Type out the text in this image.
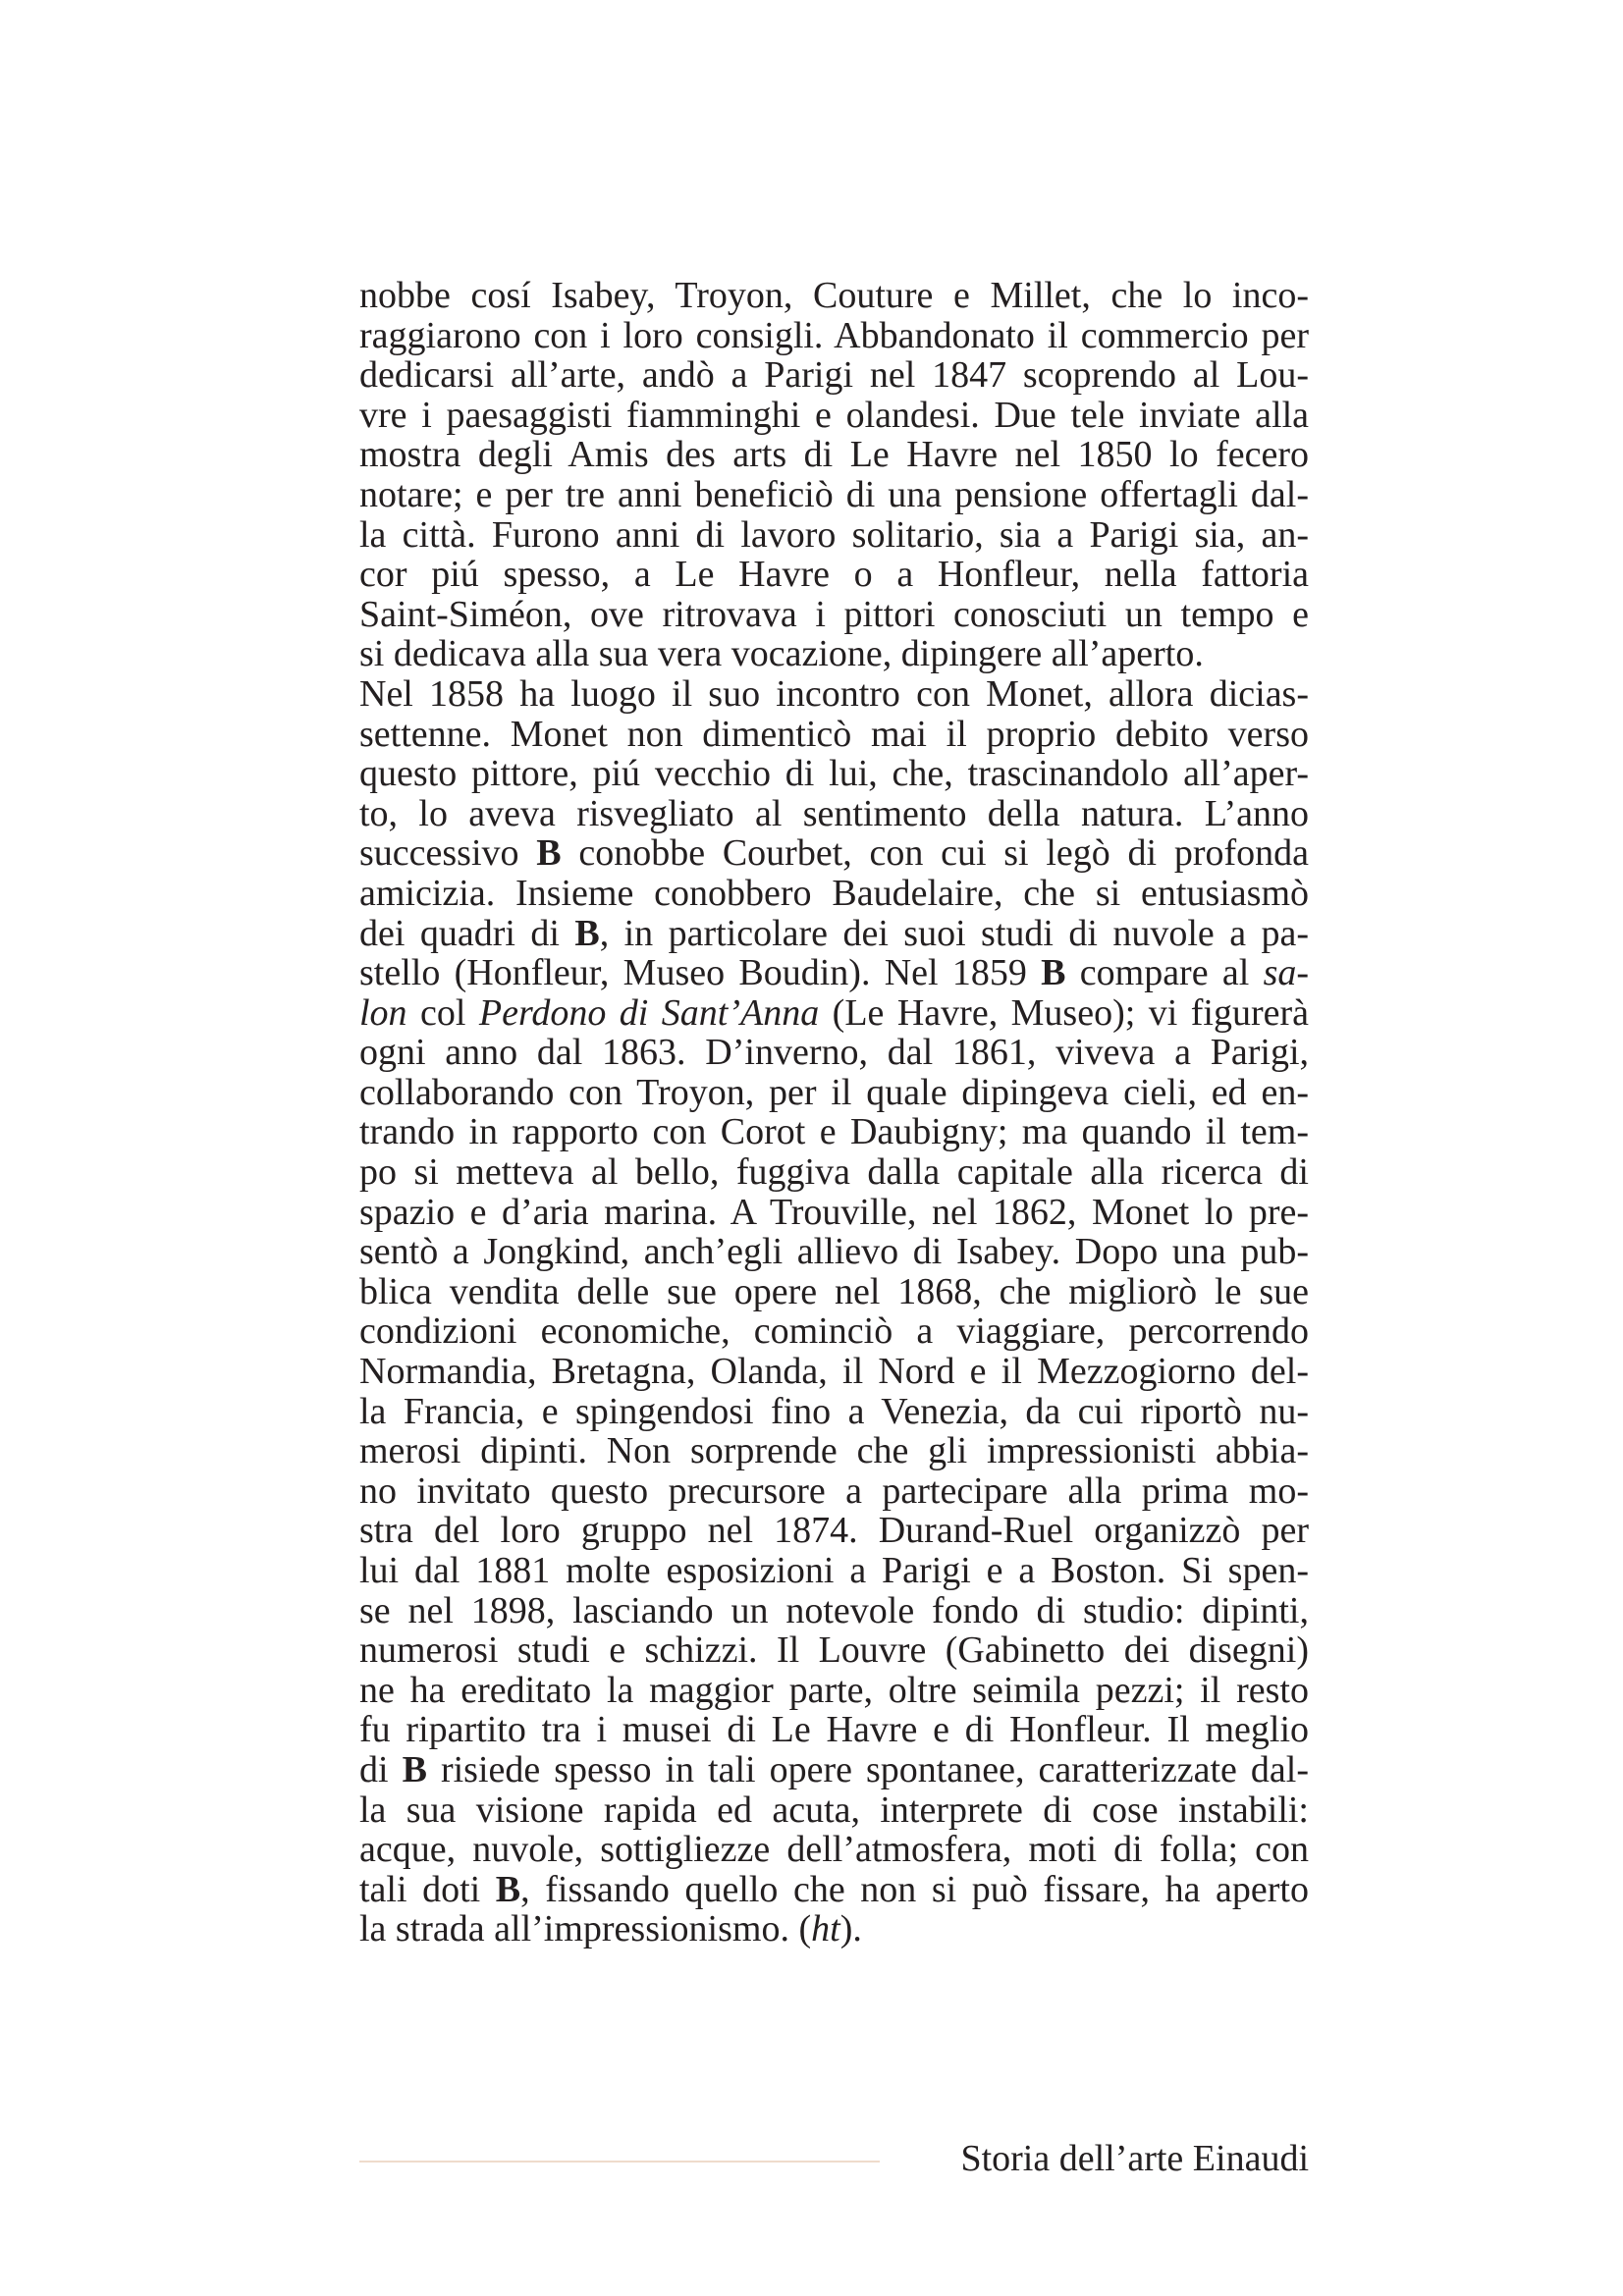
nobbe cosí Isabey, Troyon, Couture e Millet, che lo inco-
raggiarono con i loro consigli. Abbandonato il commercio per
dedicarsi all’arte, andò a Parigi nel 1847 scoprendo al Lou-
vre i paesaggisti fiamminghi e olandesi. Due tele inviate alla
mostra degli Amis des arts di Le Havre nel 1850 lo fecero
notare; e per tre anni beneficiò di una pensione offertagli dal-
la città. Furono anni di lavoro solitario, sia a Parigi sia, an-
cor piú spesso, a Le Havre o a Honfleur, nella fattoria
Saint-Siméon, ove ritrovava i pittori conosciuti un tempo e
si dedicava alla sua vera vocazione, dipingere all’aperto.
Nel 1858 ha luogo il suo incontro con Monet, allora dicias-
settenne. Monet non dimenticò mai il proprio debito verso
questo pittore, piú vecchio di lui, che, trascinandolo all’aper-
to, lo aveva risvegliato al sentimento della natura. L’anno
successivo B conobbe Courbet, con cui si legò di profonda
amicizia. Insieme conobbero Baudelaire, che si entusiasmò
dei quadri di B, in particolare dei suoi studi di nuvole a pa-
stello (Honfleur, Museo Boudin). Nel 1859 B compare al sa-
lon col Perdono di Sant’Anna (Le Havre, Museo); vi figurerà
ogni anno dal 1863. D’inverno, dal 1861, viveva a Parigi,
collaborando con Troyon, per il quale dipingeva cieli, ed en-
trando in rapporto con Corot e Daubigny; ma quando il tem-
po si metteva al bello, fuggiva dalla capitale alla ricerca di
spazio e d’aria marina. A Trouville, nel 1862, Monet lo pre-
sentò a Jongkind, anch’egli allievo di Isabey. Dopo una pub-
blica vendita delle sue opere nel 1868, che migliorò le sue
condizioni economiche, cominciò a viaggiare, percorrendo
Normandia, Bretagna, Olanda, il Nord e il Mezzogiorno del-
la Francia, e spingendosi fino a Venezia, da cui riportò nu-
merosi dipinti. Non sorprende che gli impressionisti abbia-
no invitato questo precursore a partecipare alla prima mo-
stra del loro gruppo nel 1874. Durand-Ruel organizzò per
lui dal 1881 molte esposizioni a Parigi e a Boston. Si spen-
se nel 1898, lasciando un notevole fondo di studio: dipinti,
numerosi studi e schizzi. Il Louvre (Gabinetto dei disegni)
ne ha ereditato la maggior parte, oltre seimila pezzi; il resto
fu ripartito tra i musei di Le Havre e di Honfleur. Il meglio
di B risiede spesso in tali opere spontanee, caratterizzate dal-
la sua visione rapida ed acuta, interprete di cose instabili:
acque, nuvole, sottigliezze dell’atmosfera, moti di folla; con
tali doti B, fissando quello che non si può fissare, ha aperto
la strada all’impressionismo. (ht).
Storia dell’arte Einaudi
